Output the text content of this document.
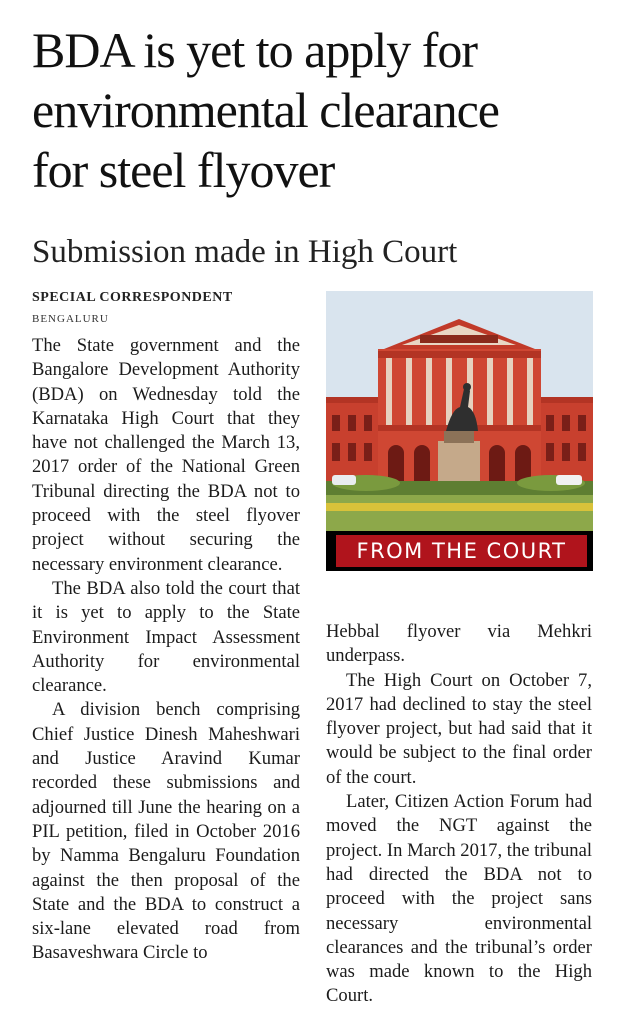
BDA is yet to apply for
environmental clearance
for steel flyover
Submission made in High Court
SPECIAL CORRESPONDENT
BENGALURU

The State government and the Bangalore Development Authority (BDA) on Wednesday told the Karnataka High Court that they have not challenged the March 13, 2017 order of the National Green Tribunal directing the BDA not to proceed with the steel flyover project without securing the necessary environment clearance.

The BDA also told the court that it is yet to apply to the State Environment Impact Assessment Authority for environmental clearance.

A division bench comprising Chief Justice Dinesh Maheshwari and Justice Aravind Kumar recorded these submissions and adjourned till June the hearing on a PIL petition, filed in October 2016 by Namma Bengaluru Foundation against the then proposal of the State and the BDA to construct a six-lane elevated road from Basaveshwara Circle to

FROM THE COURT

Hebbal flyover via Mehkri underpass.

The High Court on October 7, 2017 had declined to stay the steel flyover project, but had said that it would be subject to the final order of the court.

Later, Citizen Action Forum had moved the NGT against the project. In March 2017, the tribunal had directed the BDA not to proceed with the project sans necessary environmental clearances and the tribunal’s order was made known to the High Court.
